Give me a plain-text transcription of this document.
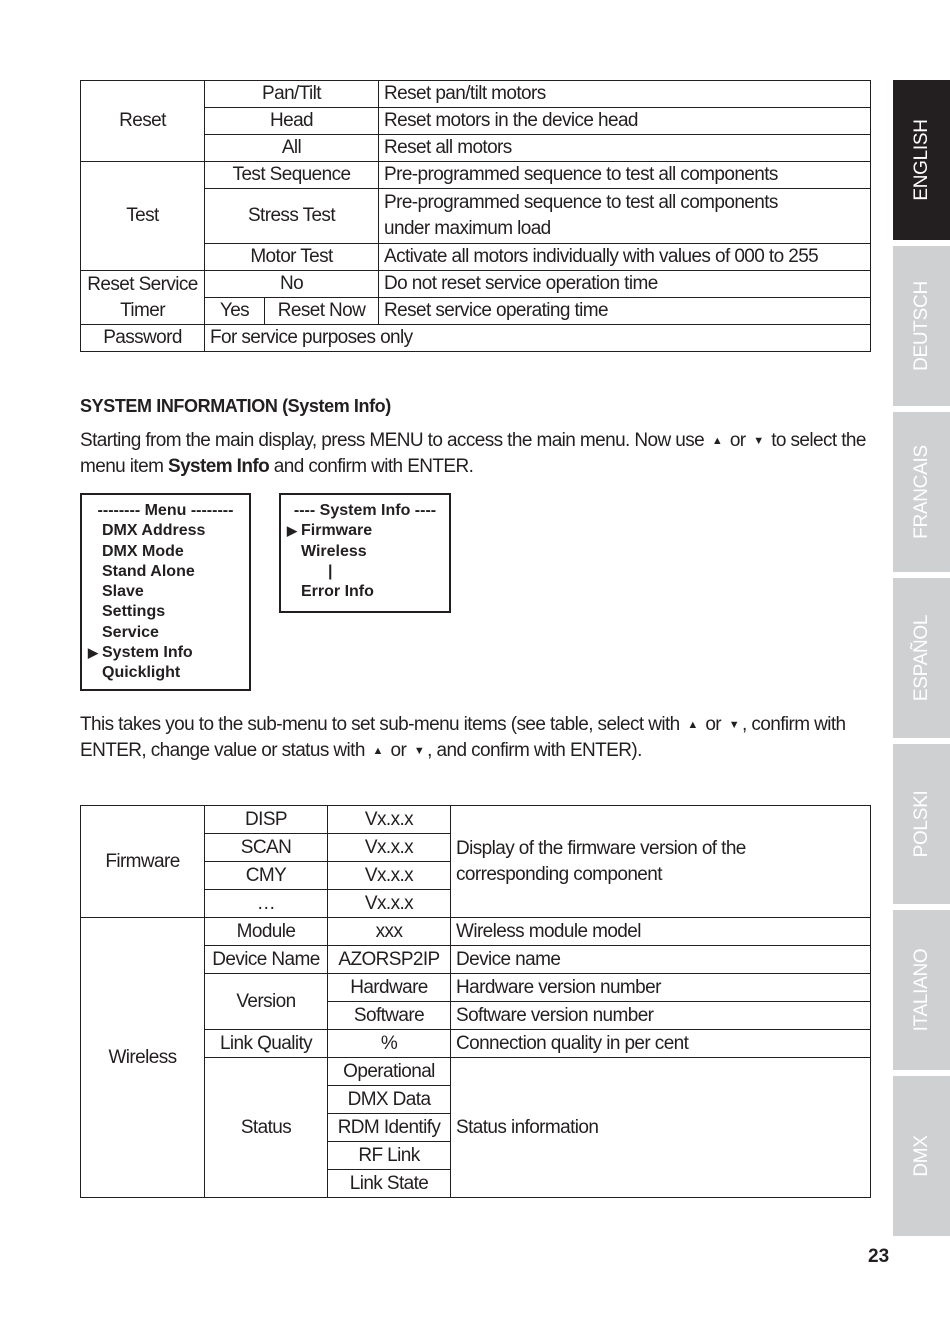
Reset	Pan/Tilt		Reset pan/tilt motors
	Head		Reset motors in the device head
	All		Reset all motors
Test	Test Sequence		Pre-programmed sequence to test all components
	Stress Test		Pre-programmed sequence to test all components
under maximum load

	Motor Test		Activate all motors individually with values of 000 to 255

Reset Service
Timer	No		Do not reset service operation time
	Yes	Reset Now	Reset service operating time
Password	For service purposes only		
SYSTEM INFORMATION (System Info)
Starting from the main display, press MENU to access the main menu. Now use ▲ or ▼ to select the menu item System Info and confirm with ENTER.
-------- Menu --------
DMX Address
DMX Mode
Stand Alone
Slave
Settings
Service
▶ System Info
Quicklight
---- System Info ----
▶ Firmware
Wireless
|
Error Info
This takes you to the sub-menu to set sub-menu items (see table, select with ▲ or ▼ , confirm with ENTER, change value or status with ▲ or ▼ , and confirm with ENTER).
Firmware	DISP	Vx.x.x	Display of the firmware version of the
corresponding component

	SCAN	Vx.x.x	
	CMY	Vx.x.x	
	…	Vx.x.x	
Wireless	Module	xxx	Wireless module model
	Device Name	AZORSP2IP	Device name
	Version	Hardware	Hardware version number
		Software	Software version number
	Link Quality	%	Connection quality in per cent
	Status	Operational	Status information
		DMX Data	
		RDM Identify	
		RF Link	
		Link State	
ENGLISH
DEUTSCH
FRANCAIS
ESPAÑOL
POLSKI
ITALIANO
DMX
23
